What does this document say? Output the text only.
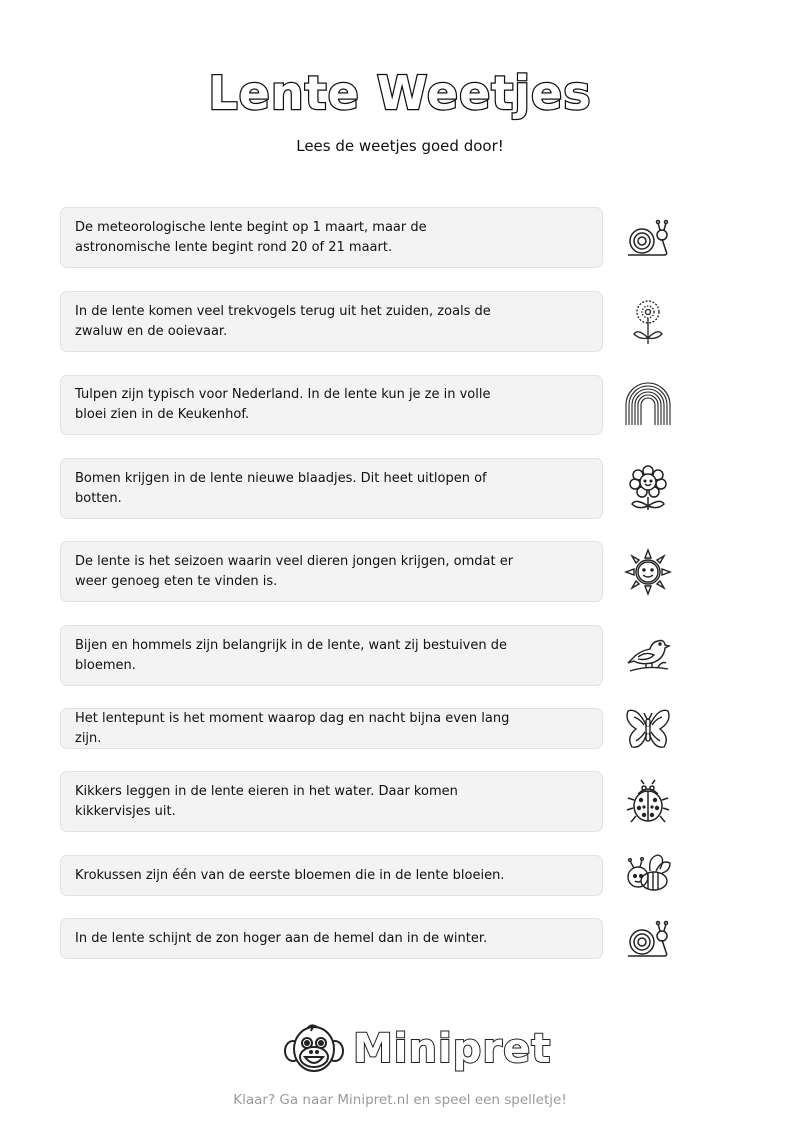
Lente Weetjes
Lees de weetjes goed door!
De meteorologische lente begint op 1 maart, maar de astronomische lente begint rond 20 of 21 maart.
In de lente komen veel trekvogels terug uit het zuiden, zoals de zwaluw en de ooievaar.
Tulpen zijn typisch voor Nederland. In de lente kun je ze in volle bloei zien in de Keukenhof.
Bomen krijgen in de lente nieuwe blaadjes. Dit heet uitlopen of botten.
De lente is het seizoen waarin veel dieren jongen krijgen, omdat er weer genoeg eten te vinden is.
Bijen en hommels zijn belangrijk in de lente, want zij bestuiven de bloemen.
Het lentepunt is het moment waarop dag en nacht bijna even lang zijn.
Kikkers leggen in de lente eieren in het water. Daar komen kikkervisjes uit.
Krokussen zijn één van de eerste bloemen die in de lente bloeien.
In de lente schijnt de zon hoger aan de hemel dan in de winter.
Minipret
Klaar? Ga naar Minipret.nl en speel een spelletje!
